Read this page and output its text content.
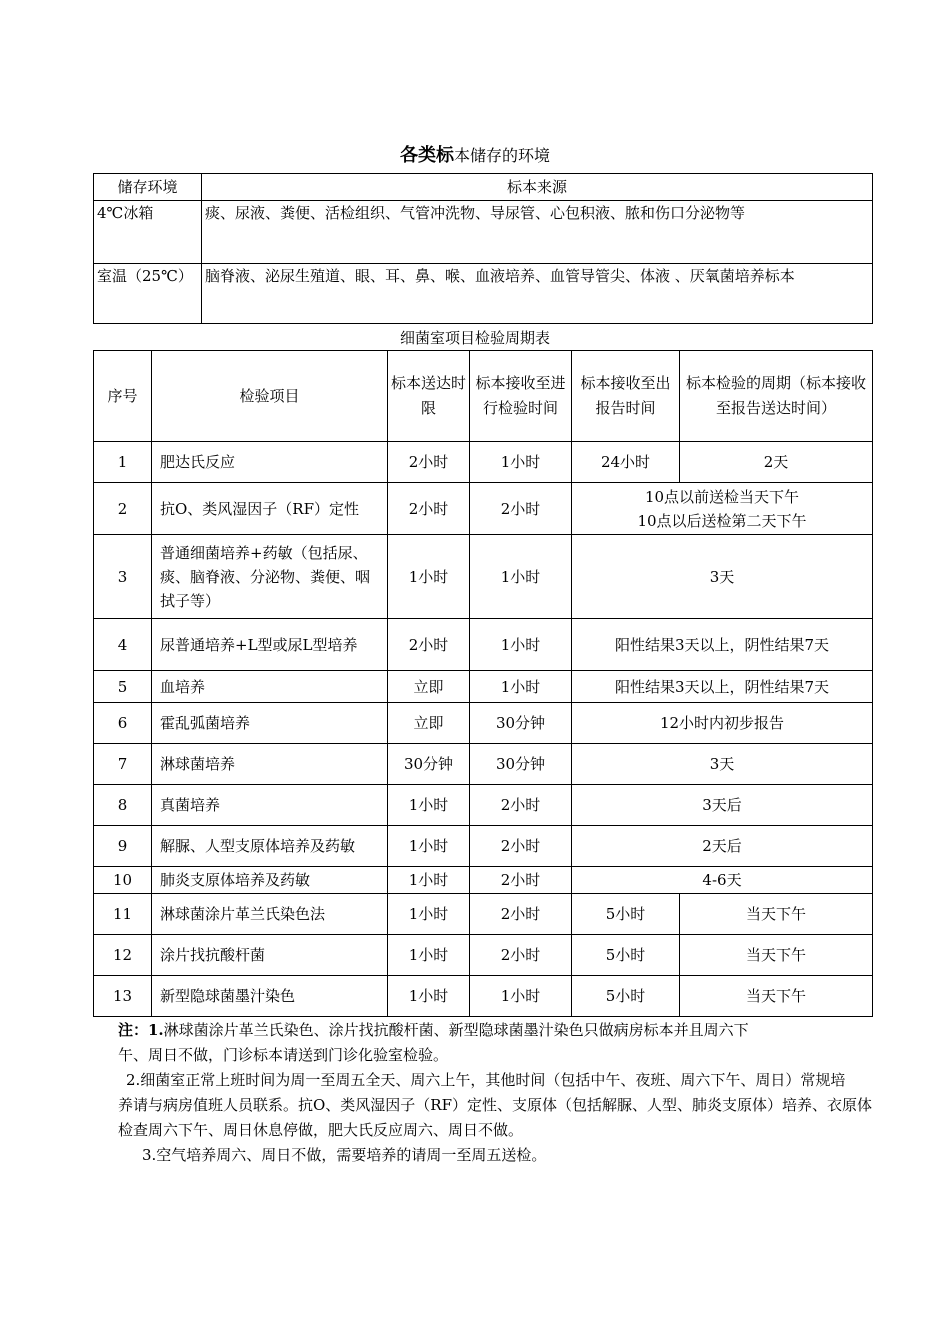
各类标本储存的环境
储存环境	标本来源
4℃冰箱	痰、尿液、粪便、活检组织、气管冲洗物、导尿管、心包积液、脓和伤口分泌物等
室温（25℃）	脑脊液、泌尿生殖道、眼、耳、鼻、喉、血液培养、血管导管尖、体液 、厌氧菌培养标本
细菌室项目检验周期表
序号	检验项目	标本送达时限	标本接收至进行检验时间	标本接收至出报告时间	标本检验的周期（标本接收至报告送达时间）
1	肥达氏反应	2小时	1小时	24小时	2天
2	抗O、类风湿因子（RF）定性	2小时	2小时	10点以前送检当天下午
10点以后送检第二天下午	

3	普通细菌培养+药敏（包括尿、痰、脑脊液、分泌物、粪便、咽拭子等）	1小时	1小时	3天	
4	尿普通培养+L型或尿L型培养	2小时	1小时	阳性结果3天以上，阴性结果7天	
5	血培养	立即	1小时	阳性结果3天以上，阴性结果7天	
6	霍乱弧菌培养	立即	30分钟	12小时内初步报告	
7	淋球菌培养	30分钟	30分钟	3天	
8	真菌培养	1小时	2小时	3天后	
9	解脲、人型支原体培养及药敏	1小时	2小时	2天后	
10	肺炎支原体培养及药敏	1小时	2小时	4-6天	
11	淋球菌涂片革兰氏染色法	1小时	2小时	5小时	当天下午
12	涂片找抗酸杆菌	1小时	2小时	5小时	当天下午
13	新型隐球菌墨汁染色	1小时	1小时	5小时	当天下午
注：1.淋球菌涂片革兰氏染色、涂片找抗酸杆菌、新型隐球菌墨汁染色只做病房标本并且周六下
午、周日不做，门诊标本请送到门诊化验室检验。
2.细菌室正常上班时间为周一至周五全天、周六上午，其他时间（包括中午、夜班、周六下午、周日）常规培
养请与病房值班人员联系。抗O、类风湿因子（RF）定性、支原体（包括解脲、人型、肺炎支原体）培养、衣原体
检查周六下午、周日休息停做，肥大氏反应周六、周日不做。
3.空气培养周六、周日不做，需要培养的请周一至周五送检。
